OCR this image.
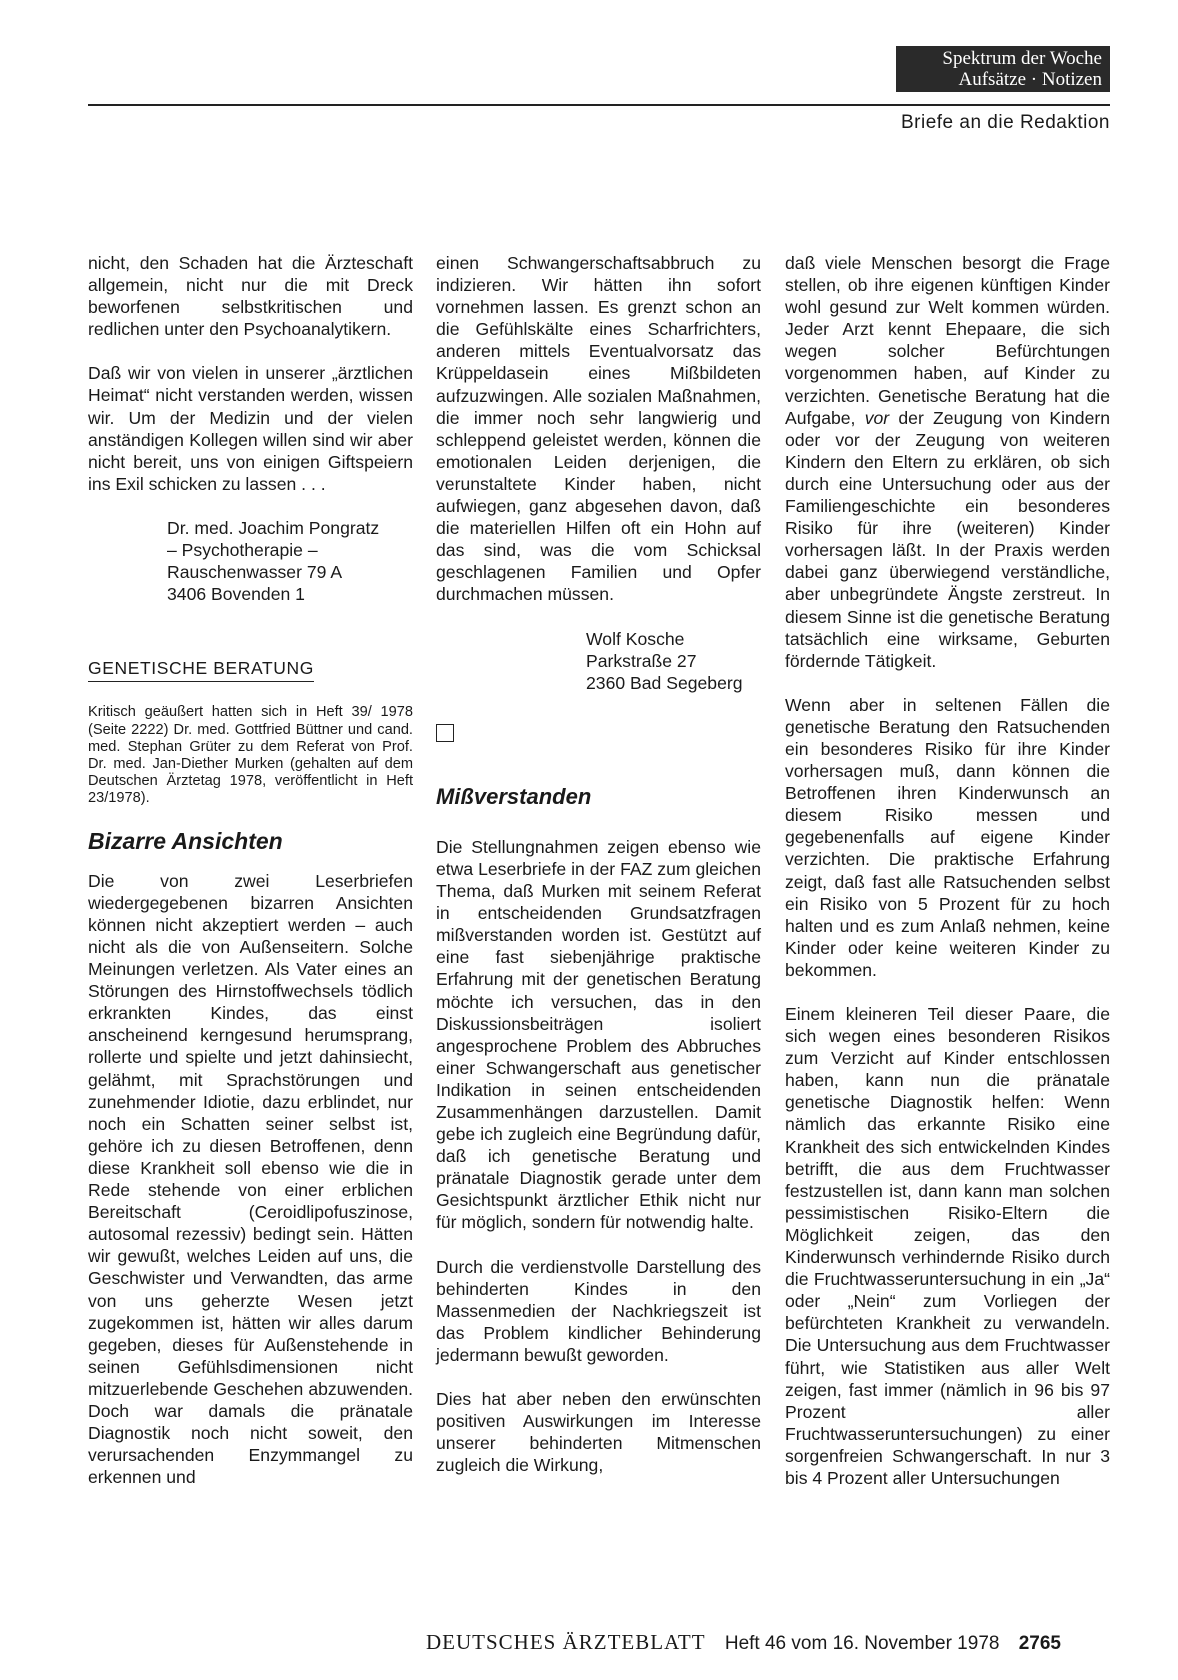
Spektrum der Woche
Aufsätze · Notizen
Briefe an die Redaktion

nicht, den Schaden hat die Ärzteschaft allgemein, nicht nur die mit Dreck beworfenen selbstkritischen und redlichen unter den Psychoanalytikern.

Daß wir von vielen in unserer „ärztlichen Heimat“ nicht verstanden werden, wissen wir. Um der Medizin und der vielen anständigen Kollegen willen sind wir aber nicht bereit, uns von einigen Giftspeiern ins Exil schicken zu lassen . . .

Dr. med. Joachim Pongratz
– Psychotherapie –
Rauschenwasser 79 A
3406 Bovenden 1
GENETISCHE BERATUNG

Kritisch geäußert hatten sich in Heft 39/ 1978 (Seite 2222) Dr. med. Gottfried Büttner und cand. med. Stephan Grüter zu dem Referat von Prof. Dr. med. Jan-Diether Murken (gehalten auf dem Deutschen Ärztetag 1978, veröffentlicht in Heft 23/1978).

Bizarre Ansichten

Die von zwei Leserbriefen wiedergegebenen bizarren Ansichten können nicht akzeptiert werden – auch nicht als die von Außenseitern. Solche Meinungen verletzen. Als Vater eines an Störungen des Hirnstoffwechsels tödlich erkrankten Kindes, das einst anscheinend kerngesund herumsprang, rollerte und spielte und jetzt dahinsiecht, gelähmt, mit Sprachstörungen und zunehmender Idiotie, dazu erblindet, nur noch ein Schatten seiner selbst ist, gehöre ich zu diesen Betroffenen, denn diese Krankheit soll ebenso wie die in Rede stehende von einer erblichen Bereitschaft (Ceroidlipofuszinose, autosomal rezessiv) bedingt sein. Hätten wir gewußt, welches Leiden auf uns, die Geschwister und Verwandten, das arme von uns geherzte Wesen jetzt zugekommen ist, hätten wir alles darum gegeben, dieses für Außenstehende in seinen Gefühlsdimensionen nicht mitzuerlebende Geschehen abzuwenden. Doch war damals die pränatale Diagnostik noch nicht soweit, den verursachenden Enzymmangel zu erkennen und

einen Schwangerschaftsabbruch zu indizieren. Wir hätten ihn sofort vornehmen lassen. Es grenzt schon an die Gefühlskälte eines Scharfrichters, anderen mittels Eventualvorsatz das Krüppeldasein eines Mißbildeten aufzuzwingen. Alle sozialen Maßnahmen, die immer noch sehr langwierig und schleppend geleistet werden, können die emotionalen Leiden derjenigen, die verunstaltete Kinder haben, nicht aufwiegen, ganz abgesehen davon, daß die materiellen Hilfen oft ein Hohn auf das sind, was die vom Schicksal geschlagenen Familien und Opfer durchmachen müssen.

Wolf Kosche
Parkstraße 27
2360 Bad Segeberg
Mißverstanden

Die Stellungnahmen zeigen ebenso wie etwa Leserbriefe in der FAZ zum gleichen Thema, daß Murken mit seinem Referat in entscheidenden Grundsatzfragen mißverstanden worden ist. Gestützt auf eine fast siebenjährige praktische Erfahrung mit der genetischen Beratung möchte ich versuchen, das in den Diskussionsbeiträgen isoliert angesprochene Problem des Abbruches einer Schwangerschaft aus genetischer Indikation in seinen entscheidenden Zusammenhängen darzustellen. Damit gebe ich zugleich eine Begründung dafür, daß ich genetische Beratung und pränatale Diagnostik gerade unter dem Gesichtspunkt ärztlicher Ethik nicht nur für möglich, sondern für notwendig halte.

Durch die verdienstvolle Darstellung des behinderten Kindes in den Massenmedien der Nachkriegszeit ist das Problem kindlicher Behinderung jedermann bewußt geworden.

Dies hat aber neben den erwünschten positiven Auswirkungen im Interesse unserer behinderten Mitmenschen zugleich die Wirkung,

daß viele Menschen besorgt die Frage stellen, ob ihre eigenen künftigen Kinder wohl gesund zur Welt kommen würden. Jeder Arzt kennt Ehepaare, die sich wegen solcher Befürchtungen vorgenommen haben, auf Kinder zu verzichten. Genetische Beratung hat die Aufgabe, vor der Zeugung von Kindern oder vor der Zeugung von weiteren Kindern den Eltern zu erklären, ob sich durch eine Untersuchung oder aus der Familiengeschichte ein besonderes Risiko für ihre (weiteren) Kinder vorhersagen läßt. In der Praxis werden dabei ganz überwiegend verständliche, aber unbegründete Ängste zerstreut. In diesem Sinne ist die genetische Beratung tatsächlich eine wirksame, Geburten fördernde Tätigkeit.

Wenn aber in seltenen Fällen die genetische Beratung den Ratsuchenden ein besonderes Risiko für ihre Kinder vorhersagen muß, dann können die Betroffenen ihren Kinderwunsch an diesem Risiko messen und gegebenenfalls auf eigene Kinder verzichten. Die praktische Erfahrung zeigt, daß fast alle Ratsuchenden selbst ein Risiko von 5 Prozent für zu hoch halten und es zum Anlaß nehmen, keine Kinder oder keine weiteren Kinder zu bekommen.

Einem kleineren Teil dieser Paare, die sich wegen eines besonderen Risikos zum Verzicht auf Kinder entschlossen haben, kann nun die pränatale genetische Diagnostik helfen: Wenn nämlich das erkannte Risiko eine Krankheit des sich entwickelnden Kindes betrifft, die aus dem Fruchtwasser festzustellen ist, dann kann man solchen pessimistischen Risiko-Eltern die Möglichkeit zeigen, das den Kinderwunsch verhindernde Risiko durch die Fruchtwasseruntersuchung in ein „Ja“ oder „Nein“ zum Vorliegen der befürchteten Krankheit zu verwandeln. Die Untersuchung aus dem Fruchtwasser führt, wie Statistiken aus aller Welt zeigen, fast immer (nämlich in 96 bis 97 Prozent aller Fruchtwasseruntersuchungen) zu einer sorgenfreien Schwangerschaft. In nur 3 bis 4 Prozent aller Untersuchungen

DEUTSCHES ÄRZTEBLATT Heft 46 vom 16. November 1978 2765
